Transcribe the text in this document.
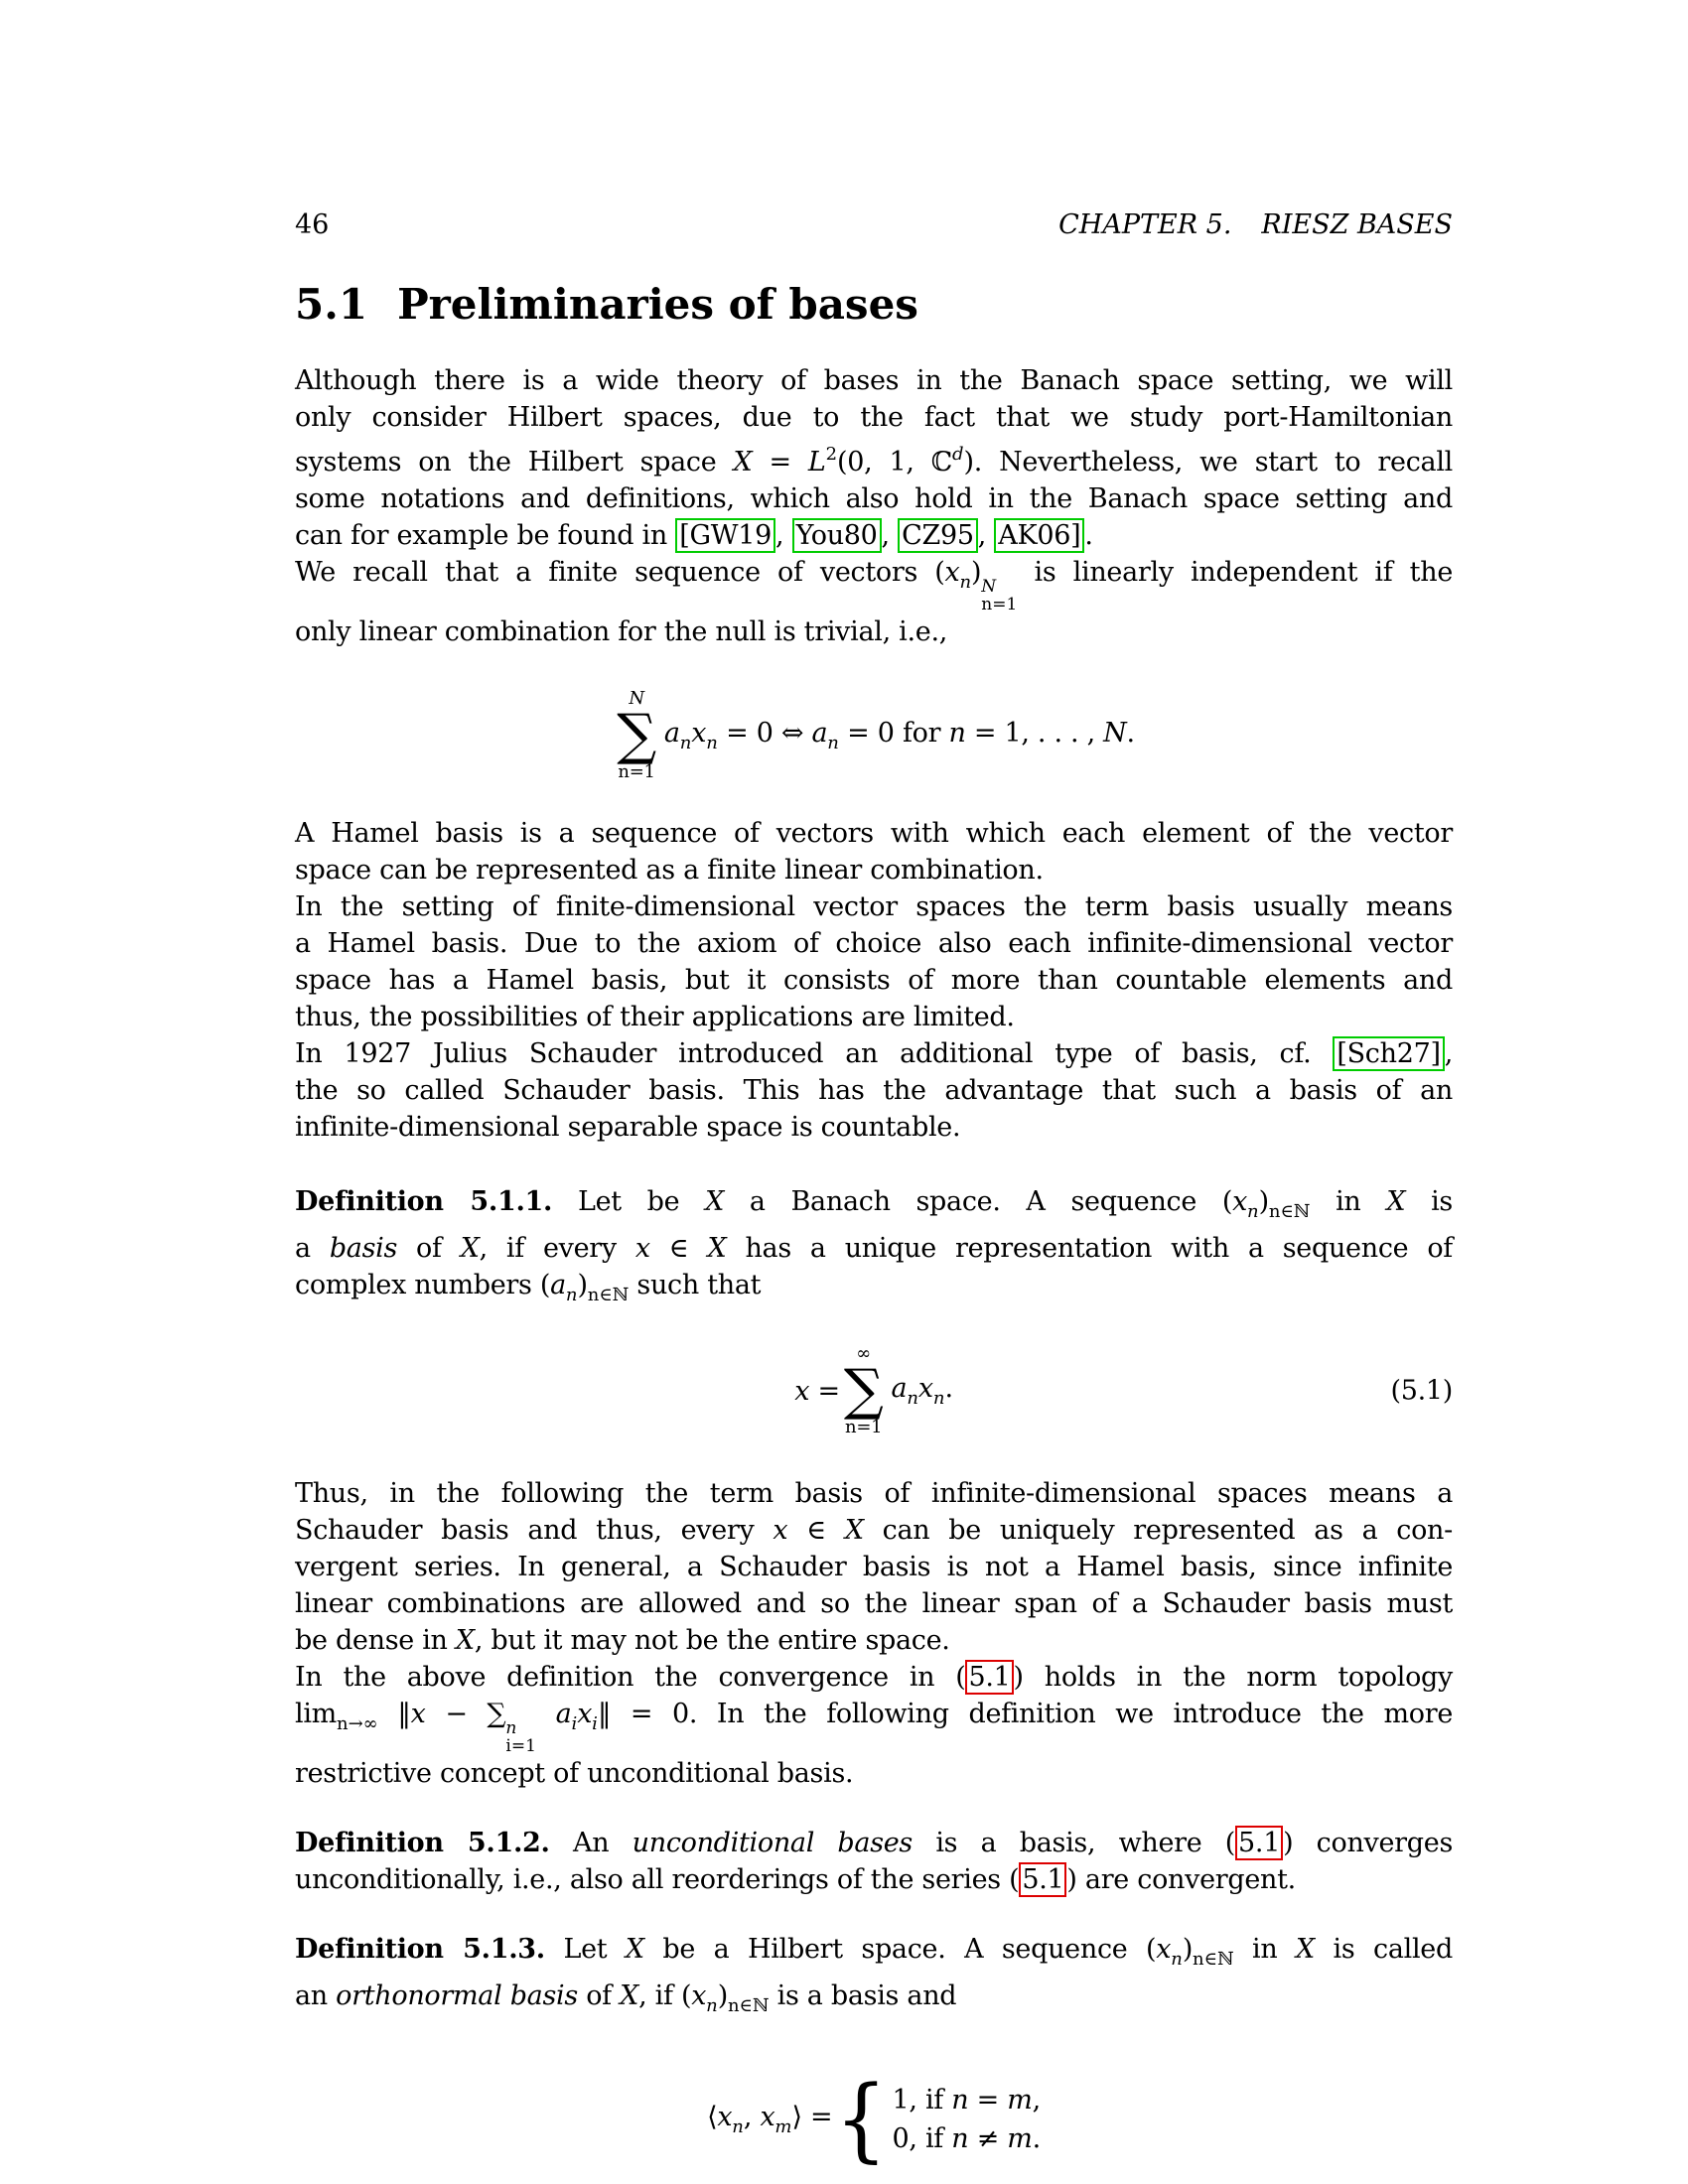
46	CHAPTER 5. RIESZ BASES
5.1 Preliminaries of bases
Although there is a wide theory of bases in the Banach space setting, we will
only consider Hilbert spaces, due to the fact that we study port-Hamiltonian
systems on the Hilbert space $X = L^2(0$, 1, ℂ$^d$). Nevertheless, we start to recall
some notations and definitions, which also hold in the Banach space setting and
can for example be found in [GW19 , You80 , CZ95 , AK06] .
We recall that a finite sequence of vectors $(x_n)$ N
n=1
is linearly independent if the
only linear combination for the null is trivial, i.e.,
N
∑
n=1
$a_nx_n = 0$ ⇔ $a_n = 0$ for n = 1, . . . , N.
A Hamel basis is a sequence of vectors with which each element of the vector
space can be represented as a finite linear combination.
In the setting of finite-dimensional vector spaces the term basis usually means
a Hamel basis. Due to the axiom of choice also each infinite-dimensional vector
space has a Hamel basis, but it consists of more than countable elements and
thus, the possibilities of their applications are limited.
In 1927 Julius Schauder introduced an additional type of basis, cf. [Sch27] ,
the so called Schauder basis. This has the advantage that such a basis of an
infinite-dimensional separable space is countable.
Definition 5.1.1. Let be X a Banach space. A sequence $(x_n)_{n\in ℕ}$ in X is
a basis of X, if every x ∈ X has a unique representation with a sequence of
complex numbers $(a_n)_{n\in ℕ}$ such that
x =
∞
∑
n=1
$a_nx_n$.	(5.1)
Thus, in the following the term basis of infinite-dimensional spaces means a
Schauder basis and thus, every x ∈ X can be uniquely represented as a con-
vergent series. In general, a Schauder basis is not a Hamel basis, since infinite
linear combinations are allowed and so the linear span of a Schauder basis must
be dense in X, but it may not be the entire space.
In the above definition the convergence in ( 5.1 ) holds in the norm topology
$\lim_{n\to\infty}$ ‖x − ∑ n
i=1
$a_ix_i‖ = 0$. In the following definition we introduce the more
restrictive concept of unconditional basis.
Definition 5.1.2. An unconditional bases is a basis, where ( 5.1 ) converges
unconditionally, i.e., also all reorderings of the series ( 5.1 ) are convergent.
Definition 5.1.3. Let X be a Hilbert space. A sequence $(x_n)_{n\in ℕ}$ in X is called
an orthonormal basis of X, if $(x_n)_{n\in ℕ}$ is a basis and
$⟨x_n$, $x_m⟩$ = { 1, if n = m,
0, if n ≠ m.
